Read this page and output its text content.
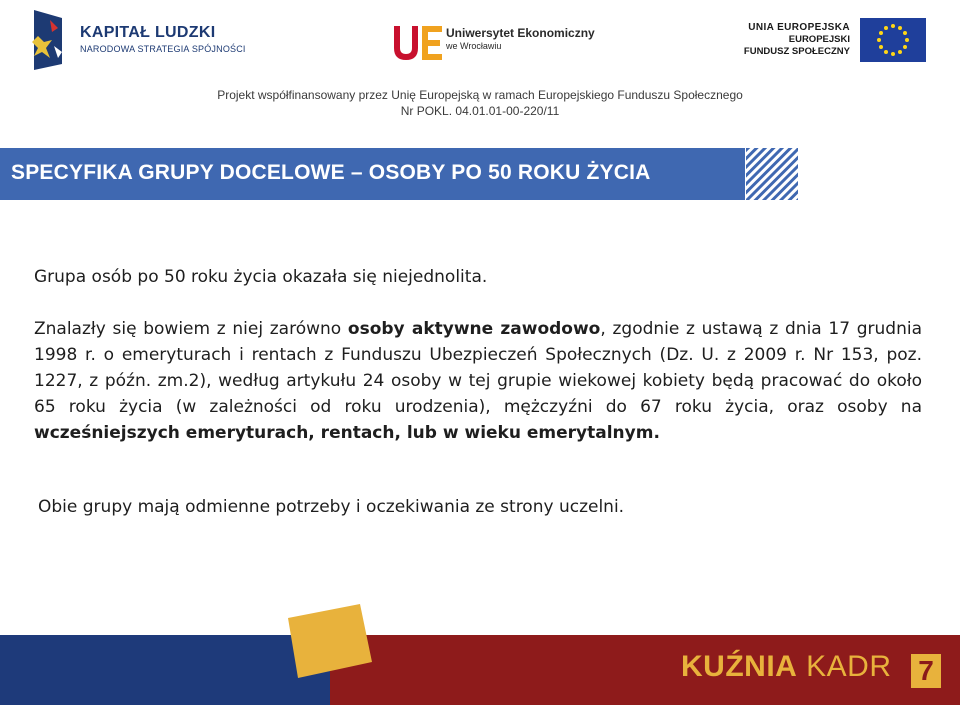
KAPITAŁ LUDZKI
NARODOWA STRATEGIA SPÓJNOŚCI
Uniwersytet Ekonomiczny
we Wrocławiu
UNIA EUROPEJSKA
EUROPEJSKI
FUNDUSZ SPOŁECZNY
Projekt współfinansowany przez Unię Europejską w ramach Europejskiego Funduszu Społecznego
Nr POKL. 04.01.01-00-220/11
SPECYFIKA GRUPY DOCELOWE – OSOBY PO 50 ROKU ŻYCIA
Grupa osób po 50 roku życia okazała się niejednolita.
Znalazły się bowiem z niej zarówno osoby aktywne zawodowo, zgodnie z ustawą z dnia 17 grudnia 1998 r. o emeryturach i rentach z Funduszu Ubezpieczeń Społecznych (Dz. U. z 2009 r. Nr 153, poz. 1227, z późn. zm.2), według artykułu 24 osoby w tej grupie wiekowej kobiety będą pracować do około 65 roku życia (w zależności od roku urodzenia), mężczyźni do 67 roku życia, oraz osoby na wcześniejszych emeryturach, rentach, lub w wieku emerytalnym.
Obie grupy mają odmienne potrzeby i oczekiwania ze strony uczelni.
KUŹNIA KADR 7
